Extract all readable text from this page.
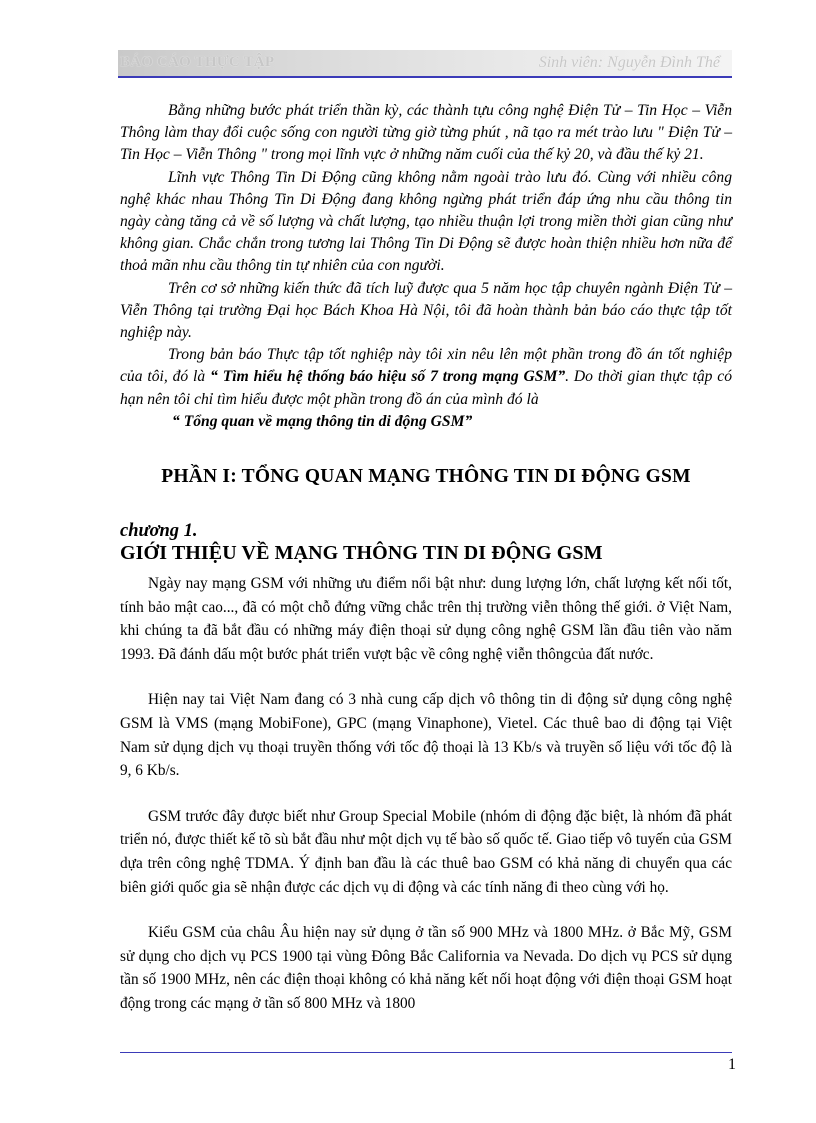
BÁO CÁO THỰC TẬP	Sinh viên: Nguyễn Đình Thể

Bằng những bước phát triển thần kỳ, các thành tựu công nghệ Điện Tử – Tin Học – Viễn Thông làm thay đổi cuộc sống con người từng giờ từng phút , nã tạo ra mét trào lưu " Điện Tử – Tin Học – Viễn Thông " trong mọi lĩnh vực ở những năm cuối của thế kỷ 20, và đầu thế kỷ 21.

Lĩnh vực Thông Tin Di Động cũng không nằm ngoài trào lưu đó. Cùng với nhiều công nghệ khác nhau Thông Tin Di Động đang không ngừng phát triển đáp ứng nhu cầu thông tin ngày càng tăng cả về số lượng và chất lượng, tạo nhiều thuận lợi trong miền thời gian cũng như không gian. Chắc chắn trong tương lai Thông Tin Di Động sẽ được hoàn thiện nhiều hơn nữa để thoả mãn nhu cầu thông tin tự nhiên của con người.

Trên cơ sở những kiến thức đã tích luỹ được qua 5 năm học tập chuyên ngành Điện Tử – Viễn Thông tại trường Đại học Bách Khoa Hà Nội, tôi đã hoàn thành bản báo cáo thực tập tốt nghiệp này.

Trong bản báo Thực tập tốt nghiệp này tôi xin nêu lên một phần trong đồ án tốt nghiệp của tôi, đó là “ Tìm hiểu hệ thống báo hiệu số 7 trong mạng GSM”. Do thời gian thực tập có hạn nên tôi chỉ tìm hiểu được một phần trong đồ án của mình đó là

“ Tổng quan về mạng thông tin di động GSM”

PHẦN I: TỔNG QUAN MẠNG THÔNG TIN DI ĐỘNG GSM
chương 1.
GIỚI THIỆU VỀ MẠNG THÔNG TIN DI ĐỘNG GSM

Ngày nay mạng GSM với những ưu điểm nổi bật như: dung lượng lớn, chất lượng kết nối tốt, tính bảo mật cao..., đã có một chỗ đứng vững chắc trên thị trường viễn thông thế giới. ở Việt Nam, khi chúng ta đã bắt đầu có những máy điện thoại sử dụng công nghệ GSM lần đầu tiên vào năm 1993. Đã đánh dấu một bước phát triển vượt bậc về công nghệ viễn thôngcủa đất nước.

Hiện nay tai Việt Nam đang có 3 nhà cung cấp dịch vô thông tin di động sử dụng công nghệ GSM là VMS (mạng MobiFone), GPC (mạng Vinaphone), Vietel. Các thuê bao di động tại Việt Nam sử dụng dịch vụ thoại truyền thống với tốc độ thoại là 13 Kb/s và truyền số liệu với tốc độ là 9, 6 Kb/s.

GSM trước đây được biết như Group Special Mobile (nhóm di động đặc biệt, là nhóm đã phát triển nó, được thiết kế tõ sù bắt đầu như một dịch vụ tế bào số quốc tế. Giao tiếp vô tuyến của GSM dựa trên công nghệ TDMA. Ý định ban đầu là các thuê bao GSM có khả năng di chuyển qua các biên giới quốc gia sẽ nhận được các dịch vụ di động và các tính năng đi theo cùng với họ.

Kiểu GSM của châu Âu hiện nay sử dụng ở tần số 900 MHz và 1800 MHz. ở Bắc Mỹ, GSM sử dụng cho dịch vụ PCS 1900 tại vùng Đông Bắc California va Nevada. Do dịch vụ PCS sử dụng tần số 1900 MHz, nên các điện thoại không có khả năng kết nối hoạt động với điện thoại GSM hoạt động trong các mạng ở tần số 800 MHz và 1800

1
